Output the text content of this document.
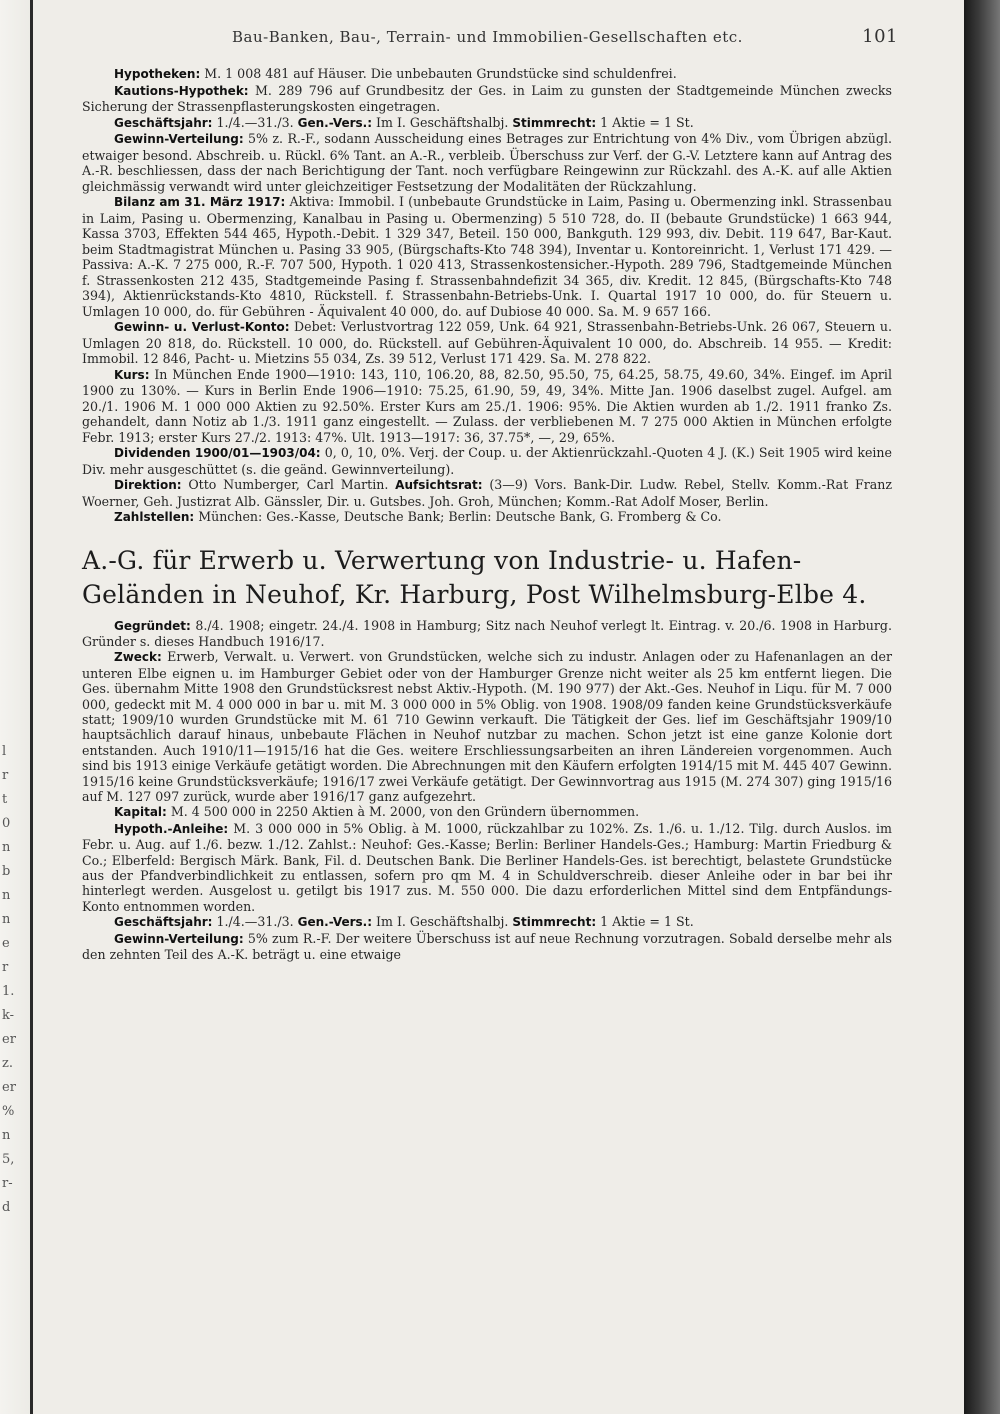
l
r
t
0
n
b
n
n
e
r
1.
k-
er
z.
er
%
n
5,
r-
d
Bau-Banken, Bau-, Terrain- und Immobilien-Gesellschaften etc.	101

Hypotheken: M. 1 008 481 auf Häuser. Die unbebauten Grundstücke sind schuldenfrei.

Kautions-Hypothek: M. 289 796 auf Grundbesitz der Ges. in Laim zu gunsten der Stadtgemeinde München zwecks Sicherung der Strassenpflasterungskosten eingetragen.

Geschäftsjahr: 1./4.—31./3. Gen.-Vers.: Im I. Geschäftshalbj. Stimmrecht: 1 Aktie = 1 St.

Gewinn-Verteilung: 5% z. R.-F., sodann Ausscheidung eines Betrages zur Entrichtung von 4% Div., vom Übrigen abzügl. etwaiger besond. Abschreib. u. Rückl. 6% Tant. an A.-R., verbleib. Überschuss zur Verf. der G.-V. Letztere kann auf Antrag des A.-R. beschliessen, dass der nach Berichtigung der Tant. noch verfügbare Reingewinn zur Rückzahl. des A.-K. auf alle Aktien gleichmässig verwandt wird unter gleichzeitiger Festsetzung der Modalitäten der Rückzahlung.

Bilanz am 31. März 1917: Aktiva: Immobil. I (unbebaute Grundstücke in Laim, Pasing u. Obermenzing inkl. Strassenbau in Laim, Pasing u. Obermenzing, Kanalbau in Pasing u. Obermenzing) 5 510 728, do. II (bebaute Grundstücke) 1 663 944, Kassa 3703, Effekten 544 465, Hypoth.-Debit. 1 329 347, Beteil. 150 000, Bankguth. 129 993, div. Debit. 119 647, Bar-Kaut. beim Stadtmagistrat München u. Pasing 33 905, (Bürgschafts-Kto 748 394), Inventar u. Kontoreinricht. 1, Verlust 171 429. — Passiva: A.-K. 7 275 000, R.-F. 707 500, Hypoth. 1 020 413, Strassenkostensicher.-Hypoth. 289 796, Stadtgemeinde München f. Strassenkosten 212 435, Stadtgemeinde Pasing f. Strassenbahndefizit 34 365, div. Kredit. 12 845, (Bürgschafts-Kto 748 394), Aktienrückstands-Kto 4810, Rückstell. f. Strassenbahn-Betriebs-Unk. I. Quartal 1917 10 000, do. für Steuern u. Umlagen 10 000, do. für Gebühren - Äquivalent 40 000, do. auf Dubiose 40 000. Sa. M. 9 657 166.

Gewinn- u. Verlust-Konto: Debet: Verlustvortrag 122 059, Unk. 64 921, Strassenbahn-Betriebs-Unk. 26 067, Steuern u. Umlagen 20 818, do. Rückstell. 10 000, do. Rückstell. auf Gebühren-Äquivalent 10 000, do. Abschreib. 14 955. — Kredit: Immobil. 12 846, Pacht- u. Mietzins 55 034, Zs. 39 512, Verlust 171 429. Sa. M. 278 822.

Kurs: In München Ende 1900—1910: 143, 110, 106.20, 88, 82.50, 95.50, 75, 64.25, 58.75, 49.60, 34%. Eingef. im April 1900 zu 130%. — Kurs in Berlin Ende 1906—1910: 75.25, 61.90, 59, 49, 34%. Mitte Jan. 1906 daselbst zugel. Aufgel. am 20./1. 1906 M. 1 000 000 Aktien zu 92.50%. Erster Kurs am 25./1. 1906: 95%. Die Aktien wurden ab 1./2. 1911 franko Zs. gehandelt, dann Notiz ab 1./3. 1911 ganz eingestellt. — Zulass. der verbliebenen M. 7 275 000 Aktien in München erfolgte Febr. 1913; erster Kurs 27./2. 1913: 47%. Ult. 1913—1917: 36, 37.75*, —, 29, 65%.

Dividenden 1900/01—1903/04: 0, 0, 10, 0%. Verj. der Coup. u. der Aktienrückzahl.-Quoten 4 J. (K.) Seit 1905 wird keine Div. mehr ausgeschüttet (s. die geänd. Gewinnverteilung).

Direktion: Otto Numberger, Carl Martin. Aufsichtsrat: (3—9) Vors. Bank-Dir. Ludw. Rebel, Stellv. Komm.-Rat Franz Woerner, Geh. Justizrat Alb. Gänssler, Dir. u. Gutsbes. Joh. Groh, München; Komm.-Rat Adolf Moser, Berlin.

Zahlstellen: München: Ges.-Kasse, Deutsche Bank; Berlin: Deutsche Bank, G. Fromberg & Co.

A.-G. für Erwerb u. Verwertung von Industrie- u. Hafen-
Geländen in Neuhof, Kr. Harburg, Post Wilhelmsburg-Elbe 4.

Gegründet: 8./4. 1908; eingetr. 24./4. 1908 in Hamburg; Sitz nach Neuhof verlegt lt. Eintrag. v. 20./6. 1908 in Harburg. Gründer s. dieses Handbuch 1916/17.

Zweck: Erwerb, Verwalt. u. Verwert. von Grundstücken, welche sich zu industr. Anlagen oder zu Hafenanlagen an der unteren Elbe eignen u. im Hamburger Gebiet oder von der Hamburger Grenze nicht weiter als 25 km entfernt liegen. Die Ges. übernahm Mitte 1908 den Grundstücksrest nebst Aktiv.-Hypoth. (M. 190 977) der Akt.-Ges. Neuhof in Liqu. für M. 7 000 000, gedeckt mit M. 4 000 000 in bar u. mit M. 3 000 000 in 5% Oblig. von 1908. 1908/09 fanden keine Grundstücksverkäufe statt; 1909/10 wurden Grundstücke mit M. 61 710 Gewinn verkauft. Die Tätigkeit der Ges. lief im Geschäftsjahr 1909/10 hauptsächlich darauf hinaus, unbebaute Flächen in Neuhof nutzbar zu machen. Schon jetzt ist eine ganze Kolonie dort entstanden. Auch 1910/11—1915/16 hat die Ges. weitere Erschliessungsarbeiten an ihren Ländereien vorgenommen. Auch sind bis 1913 einige Verkäufe getätigt worden. Die Abrechnungen mit den Käufern erfolgten 1914/15 mit M. 445 407 Gewinn. 1915/16 keine Grundstücksverkäufe; 1916/17 zwei Verkäufe getätigt. Der Gewinnvortrag aus 1915 (M. 274 307) ging 1915/16 auf M. 127 097 zurück, wurde aber 1916/17 ganz aufgezehrt.

Kapital: M. 4 500 000 in 2250 Aktien à M. 2000, von den Gründern übernommen.

Hypoth.-Anleihe: M. 3 000 000 in 5% Oblig. à M. 1000, rückzahlbar zu 102%. Zs. 1./6. u. 1./12. Tilg. durch Auslos. im Febr. u. Aug. auf 1./6. bezw. 1./12. Zahlst.: Neuhof: Ges.-Kasse; Berlin: Berliner Handels-Ges.; Hamburg: Martin Friedburg & Co.; Elberfeld: Bergisch Märk. Bank, Fil. d. Deutschen Bank. Die Berliner Handels-Ges. ist berechtigt, belastete Grundstücke aus der Pfandverbindlichkeit zu entlassen, sofern pro qm M. 4 in Schuldverschreib. dieser Anleihe oder in bar bei ihr hinterlegt werden. Ausgelost u. getilgt bis 1917 zus. M. 550 000. Die dazu erforderlichen Mittel sind dem Entpfändungs-Konto entnommen worden.

Geschäftsjahr: 1./4.—31./3. Gen.-Vers.: Im I. Geschäftshalbj. Stimmrecht: 1 Aktie = 1 St.

Gewinn-Verteilung: 5% zum R.-F. Der weitere Überschuss ist auf neue Rechnung vorzutragen. Sobald derselbe mehr als den zehnten Teil des A.-K. beträgt u. eine etwaige
